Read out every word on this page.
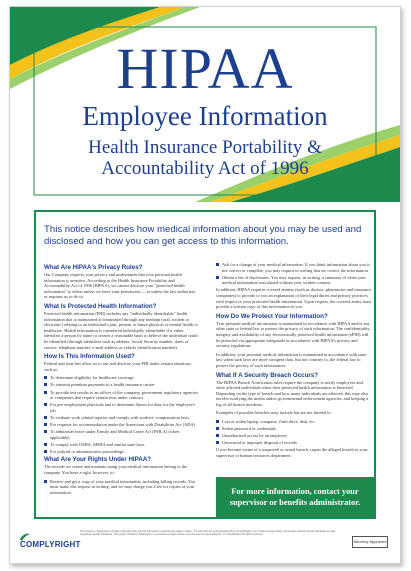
HIPAA
Employee Information
Health Insurance Portability &
Accountability Act of 1996
This notice describes how medical information about you may be used and disclosed and how you can get access to this information.
What Are HIPAA's Privacy Rules?

Our Company respects your privacy and understands that your personal health information is sensitive. According to the Health Insurance Portability and Accountability Act of 1996 (HIPAA), we cannot disclose your "protected health information" to others unless we have your permission — or unless the law authorizes or requires us to do so.

What Is Protected Health Information?

Protected health information (PHI) includes any "individually identifiable" health information that is maintained or transmitted through any medium (oral, written or electronic) relating to an individual's past, present or future physical or mental health or healthcare. Health information is considered individually identifiable if it either identifies a person by name or creates a reasonable basis to believe the individual could be identified (through identifiers such as address, Social Security number, dates of service, telephone number, e-mail address or vehicle identification number).

How Is This Information Used?

Federal and state law allow us to use and disclose your PHI under certain situations, such as:

To determine eligibility for healthcare coverage
To transmit premium payments to a health insurance carrier
To provide test results to an officer of the company, government regulatory agencies or companies that require certain tests under contract
For pre-employment physicals and to determine fitness for duty for the employee's job
To evaluate work related injuries and comply with workers' compensation laws
For requests for accommodation under the Americans with Disabilities Act (ADA)
To administer leave under Family and Medical Leave Act (FMLA) (when applicable)
To comply with OSHA, MSHA and similar state laws
For judicial or administrative proceedings
What Are Your Rights Under HIPAA?

The records we create and maintain using your medical information belong to the company. You have a right, however, to:

Review and get a copy of your medical information, including billing records. You must make this request in writing, and we may charge you a fee for copies of your information.
Ask for a change of your medical information. If you think information about you is not correct or complete, you may request in writing that we correct the information
Obtain a list of disclosures. You may request, in writing, a summary of when your medical information was shared without your written consent.

In addition, HIPAA requires covered entities (such as doctors, pharmacies and insurance companies) to provide to you an explanation of their legal duties and privacy practices with respect to your protected health information. Upon request, the covered entity must provide a written copy of this information to you.

How Do We Protect Your Information?

Your personal medical information is maintained in accordance with HIPAA and/or any other state or federal law to protect the privacy of such information. The confidentiality, integrity and availability of any electronically protected health information (ePHI) will be protected via appropriate safeguards in accordance with HIPAA's privacy and security regulations.

In addition, your personal medical information is maintained in accordance with state law when such laws are more stringent than, but not contrary to, the federal law to protect the privacy of such information.

What If A Security Breach Occurs?

The HIPAA Breach Notification rules require the company to notify employees and other affected individuals when their protected health information is breached. Depending on the type of breach and how many individuals are affected, this may also involve notifying the media and/or governmental enforcement agencies, and keeping a log of all breach incidents.

Examples of possible breaches may include but are not limited to:

Lost or stolen laptop, computer, flash drive, disk, etc.
Stolen password or credentials
Unauthorized access by an employee
Unsecured or improper disposal of records

If you become aware of a suspected or actual breach, report the alleged breach to your supervisor or human resources department.

For more information, contact your
supervisor or benefits administrator.
COMPLYRIGHT
This poster is designed to provide employers with general information regarding its subject matter. It is sold with the understanding that ComplyRight is not rendering legal advice. Employers should consult with legal counsel regarding specific situations. This poster should be displayed in a conspicuous place where it can be seen by all employees. © ComplyRight. All rights reserved.
Attorney Approved
